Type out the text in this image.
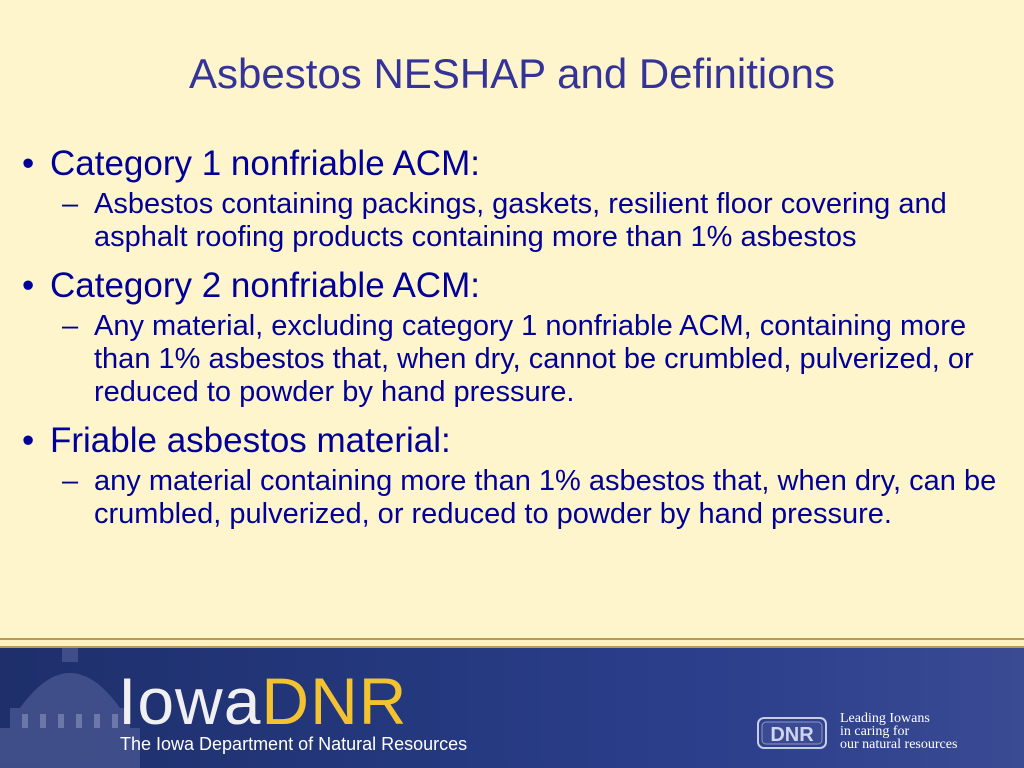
Asbestos NESHAP and Definitions
• Category 1 nonfriable ACM:
– Asbestos containing packings, gaskets, resilient floor covering and asphalt roofing products containing more than 1% asbestos
• Category 2 nonfriable ACM:
– Any material, excluding category 1 nonfriable ACM, containing more than 1% asbestos that, when dry, cannot be crumbled, pulverized, or reduced to powder by hand pressure.
• Friable asbestos material:
– any material containing more than 1% asbestos that, when dry, can be crumbled, pulverized, or reduced to powder by hand pressure.
IowaDNR
The Iowa Department of Natural Resources	DNR
Leading Iowans
in caring for
our natural resources
